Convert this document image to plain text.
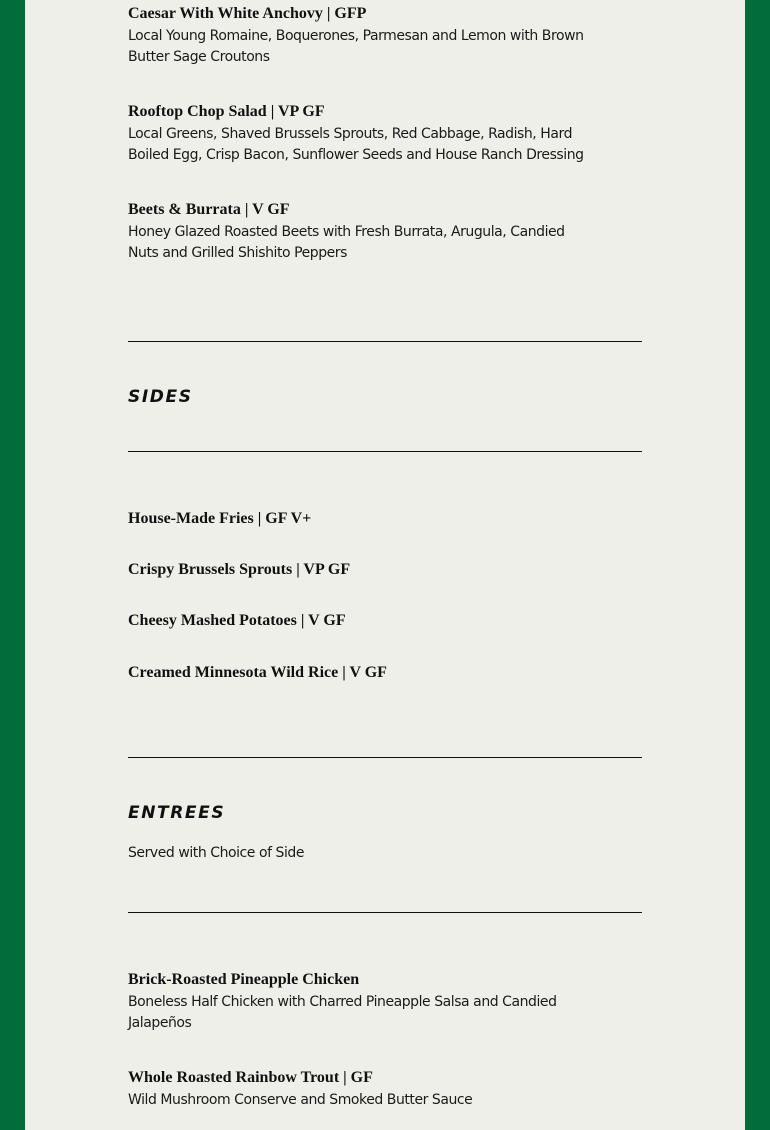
Caesar With White Anchovy | GFP

Local Young Romaine, Boquerones, Parmesan and Lemon with Brown Butter Sage Croutons

Rooftop Chop Salad | VP GF

Local Greens, Shaved Brussels Sprouts, Red Cabbage, Radish, Hard Boiled Egg, Crisp Bacon, Sunflower Seeds and House Ranch Dressing

Beets & Burrata | V GF

Honey Glazed Roasted Beets with Fresh Burrata, Arugula, Candied Nuts and Grilled Shishito Peppers

SIDES

House-Made Fries | GF V+

Crispy Brussels Sprouts | VP GF

Cheesy Mashed Potatoes | V GF

Creamed Minnesota Wild Rice | V GF

ENTREES

Served with Choice of Side

Brick-Roasted Pineapple Chicken

Boneless Half Chicken with Charred Pineapple Salsa and Candied Jalapeños

Whole Roasted Rainbow Trout | GF

Wild Mushroom Conserve and Smoked Butter Sauce
